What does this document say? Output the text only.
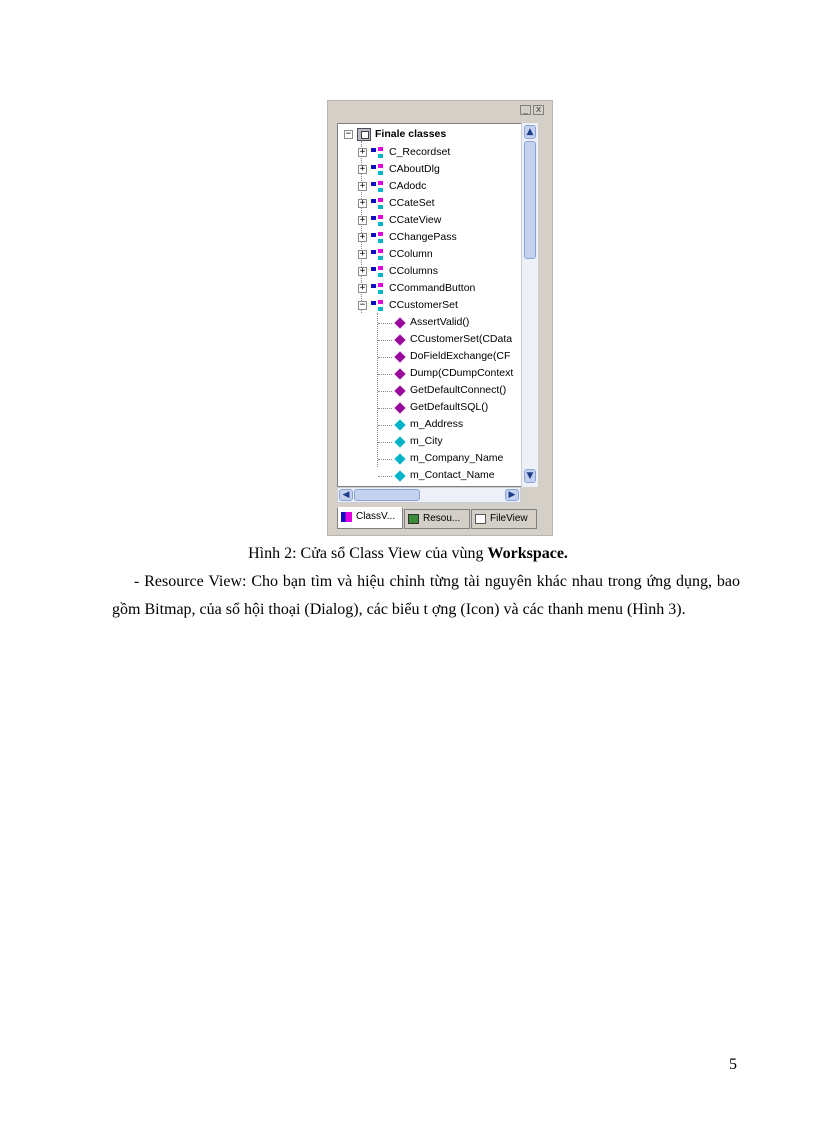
_ x
− Finale classes
+ C_Recordset
+ CAboutDlg
+ CAdodc
+ CCateSet
+ CCateView
+ CChangePass
+ CColumn
+ CColumns
+ CCommandButton
− CCustomerSet
AssertValid()
CCustomerSet(CData
DoFieldExchange(CF
Dump(CDumpContext
GetDefaultConnect()
GetDefaultSQL()
m_Address
m_City
m_Company_Name
m_Contact_Name
▲
▼
◀	▶
ClassV...	Resou...	FileView
Hình 2: Cửa sổ Class View của vùng Workspace.
- Resource View: Cho bạn tìm và hiệu chỉnh từng tài nguyên khác nhau trong ứng dụng, bao gồm Bitmap, của sổ hội thoại (Dialog), các biểu t ợng (Icon) và các thanh menu (Hình 3).
5
